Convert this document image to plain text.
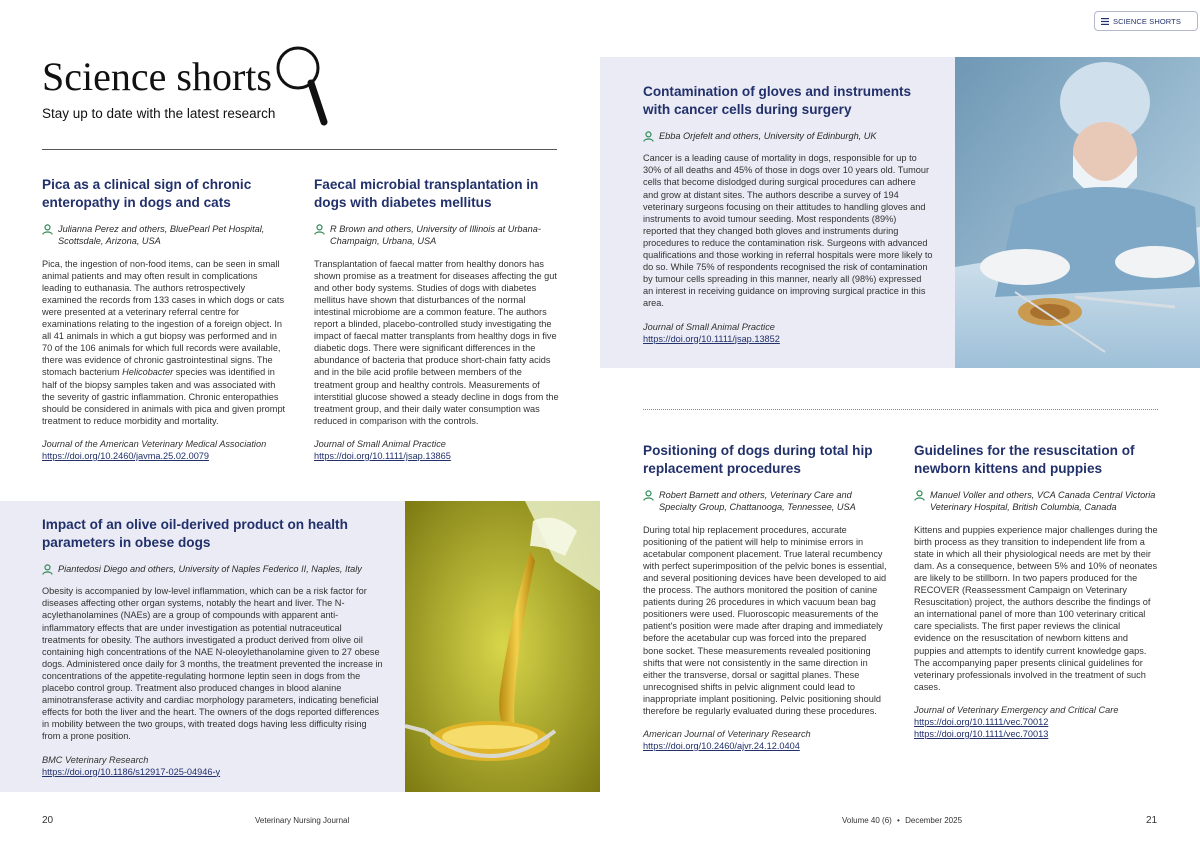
SCIENCE SHORTS
Science shorts
Stay up to date with the latest research
Pica as a clinical sign of chronic enteropathy in dogs and cats
Julianna Perez and others, BluePearl Pet Hospital, Scottsdale, Arizona, USA

Pica, the ingestion of non-food items, can be seen in small animal patients and may often result in complications leading to euthanasia. The authors retrospectively examined the records from 133 cases in which dogs or cats were presented at a veterinary referral centre for examinations relating to the ingestion of a foreign object. In all 41 animals in which a gut biopsy was performed and in 70 of the 106 animals for which full records were available, there was evidence of chronic gastrointestinal signs. The stomach bacterium Helicobacter species was identified in half of the biopsy samples taken and was associated with the severity of gastric inflammation. Chronic enteropathies should be considered in animals with pica and given prompt treatment to reduce morbidity and mortality.

Journal of the American Veterinary Medical Association
https://doi.org/10.2460/javma.25.02.0079
Faecal microbial transplantation in dogs with diabetes mellitus
R Brown and others, University of Illinois at Urbana-Champaign, Urbana, USA

Transplantation of faecal matter from healthy donors has shown promise as a treatment for diseases affecting the gut and other body systems. Studies of dogs with diabetes mellitus have shown that disturbances of the normal intestinal microbiome are a common feature. The authors report a blinded, placebo-controlled study investigating the impact of faecal matter transplants from healthy dogs in five diabetic dogs. There were significant differences in the abundance of bacteria that produce short-chain fatty acids and in the bile acid profile between members of the treatment group and healthy controls. Measurements of interstitial glucose showed a steady decline in dogs from the treatment group, and their daily water consumption was reduced in comparison with the controls.

Journal of Small Animal Practice
https://doi.org/10.1111/jsap.13865
Contamination of gloves and instruments with cancer cells during surgery
Ebba Orjefelt and others, University of Edinburgh, UK

Cancer is a leading cause of mortality in dogs, responsible for up to 30% of all deaths and 45% of those in dogs over 10 years old. Tumour cells that become dislodged during surgical procedures can adhere and grow at distant sites. The authors describe a survey of 194 veterinary surgeons focusing on their attitudes to handling gloves and instruments to avoid tumour seeding. Most respondents (89%) reported that they changed both gloves and instruments during procedures to reduce the contamination risk. Surgeons with advanced qualifications and those working in referral hospitals were more likely to do so. While 75% of respondents recognised the risk of contamination by tumour cells spreading in this manner, nearly all (98%) expressed an interest in receiving guidance on improving surgical practice in this area.

Journal of Small Animal Practice
https://doi.org/10.1111/jsap.13852
Impact of an olive oil-derived product on health parameters in obese dogs
Piantedosi Diego and others, University of Naples Federico II, Naples, Italy

Obesity is accompanied by low-level inflammation, which can be a risk factor for diseases affecting other organ systems, notably the heart and liver. The N-acylethanolamines (NAEs) are a group of compounds with apparent anti-inflammatory effects that are under investigation as potential nutraceutical treatments for obesity. The authors investigated a product derived from olive oil containing high concentrations of the NAE N-oleoylethanolamine given to 27 obese dogs. Administered once daily for 3 months, the treatment prevented the increase in concentrations of the appetite-regulating hormone leptin seen in dogs from the placebo control group. Treatment also produced changes in blood alanine aminotransferase activity and cardiac morphology parameters, indicating beneficial effects for both the liver and the heart. The owners of the dogs reported differences in mobility between the two groups, with treated dogs having less difficulty rising from a prone position.

BMC Veterinary Research
https://doi.org/10.1186/s12917-025-04946-y
Positioning of dogs during total hip replacement procedures
Robert Barnett and others, Veterinary Care and Specialty Group, Chattanooga, Tennessee, USA

During total hip replacement procedures, accurate positioning of the patient will help to minimise errors in acetabular component placement. True lateral recumbency with perfect superimposition of the pelvic bones is essential, and several positioning devices have been developed to aid the process. The authors monitored the position of canine patients during 26 procedures in which vacuum bean bag positioners were used. Fluoroscopic measurements of the patient's position were made after draping and immediately before the acetabular cup was forced into the prepared bone socket. These measurements revealed positioning shifts that were not consistently in the same direction in either the transverse, dorsal or sagittal planes. These unrecognised shifts in pelvic alignment could lead to inappropriate implant positioning. Pelvic positioning should therefore be regularly evaluated during these procedures.

American Journal of Veterinary Research
https://doi.org/10.2460/ajvr.24.12.0404
Guidelines for the resuscitation of newborn kittens and puppies
Manuel Voller and others, VCA Canada Central Victoria Veterinary Hospital, British Columbia, Canada

Kittens and puppies experience major challenges during the birth process as they transition to independent life from a state in which all their physiological needs are met by their dam. As a consequence, between 5% and 10% of neonates are likely to be stillborn. In two papers produced for the RECOVER (Reassessment Campaign on Veterinary Resuscitation) project, the authors describe the findings of an international panel of more than 100 veterinary critical care specialists. The first paper reviews the clinical evidence on the resuscitation of newborn kittens and puppies and attempts to identify current knowledge gaps. The accompanying paper presents clinical guidelines for veterinary professionals involved in the treatment of such cases.

Journal of Veterinary Emergency and Critical Care
https://doi.org/10.1111/vec.70012
https://doi.org/10.1111/vec.70013
20	Veterinary Nursing Journal	Volume 40 (6) • December 2025	21
